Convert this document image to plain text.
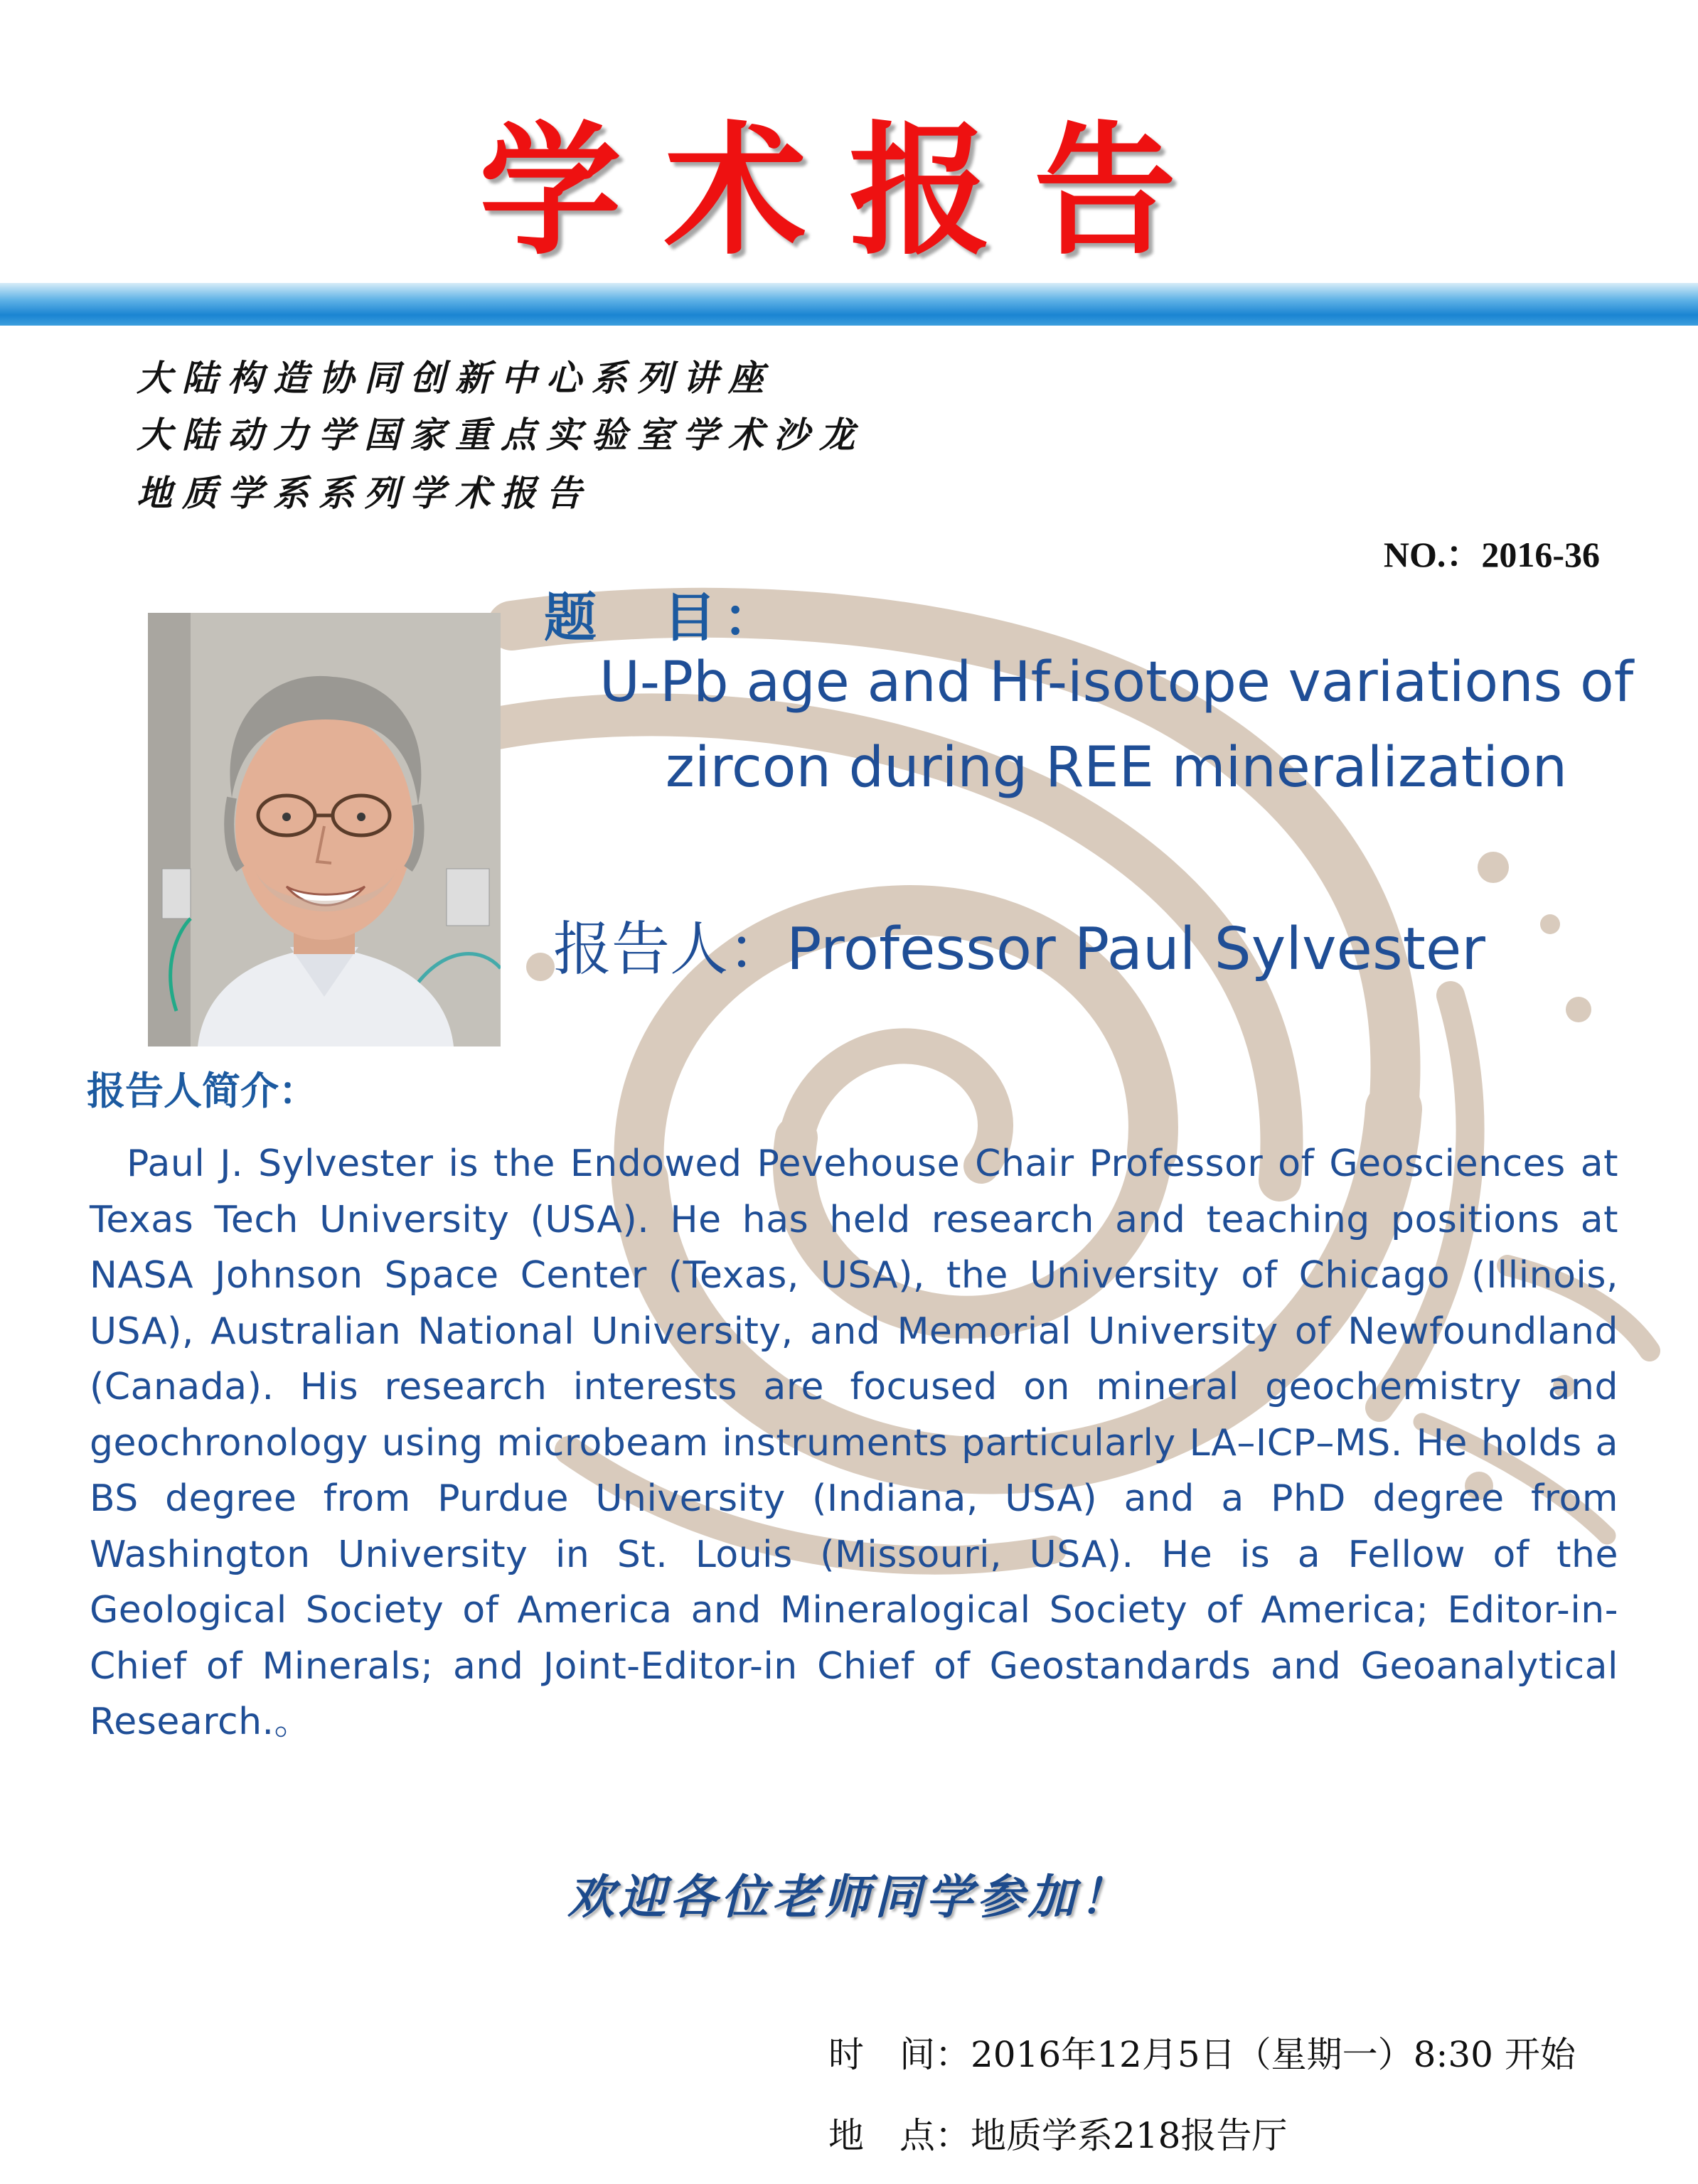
学术报告
大陆构造协同创新中心系列讲座
大陆动力学国家重点实验室学术沙龙
地质学系系列学术报告
NO.：2016-36
题　目：
U-Pb age and Hf-isotope variations of
zircon during REE mineralization
报告人：Professor Paul Sylvester
报告人简介：
Paul J. Sylvester is the Endowed Pevehouse Chair Professor of Geosciences at Texas Tech University (USA). He has held research and teaching positions at NASA Johnson Space Center (Texas, USA), the University of Chicago (Illinois, USA), Australian National University, and Memorial University of Newfoundland (Canada). His research interests are focused on mineral geochemistry and geochronology using microbeam instruments particularly LA–ICP–MS. He holds a BS degree from Purdue University (Indiana, USA) and a PhD degree from Washington University in St. Louis (Missouri, USA). He is a Fellow of the Geological Society of America and Mineralogical Society of America; Editor-in-Chief of Minerals; and Joint-Editor-in Chief of Geostandards and Geoanalytical Research.。
欢迎各位老师同学参加！
时　间：2016年12月5日（星期一）8:30 开始
地　点：地质学系218报告厅
